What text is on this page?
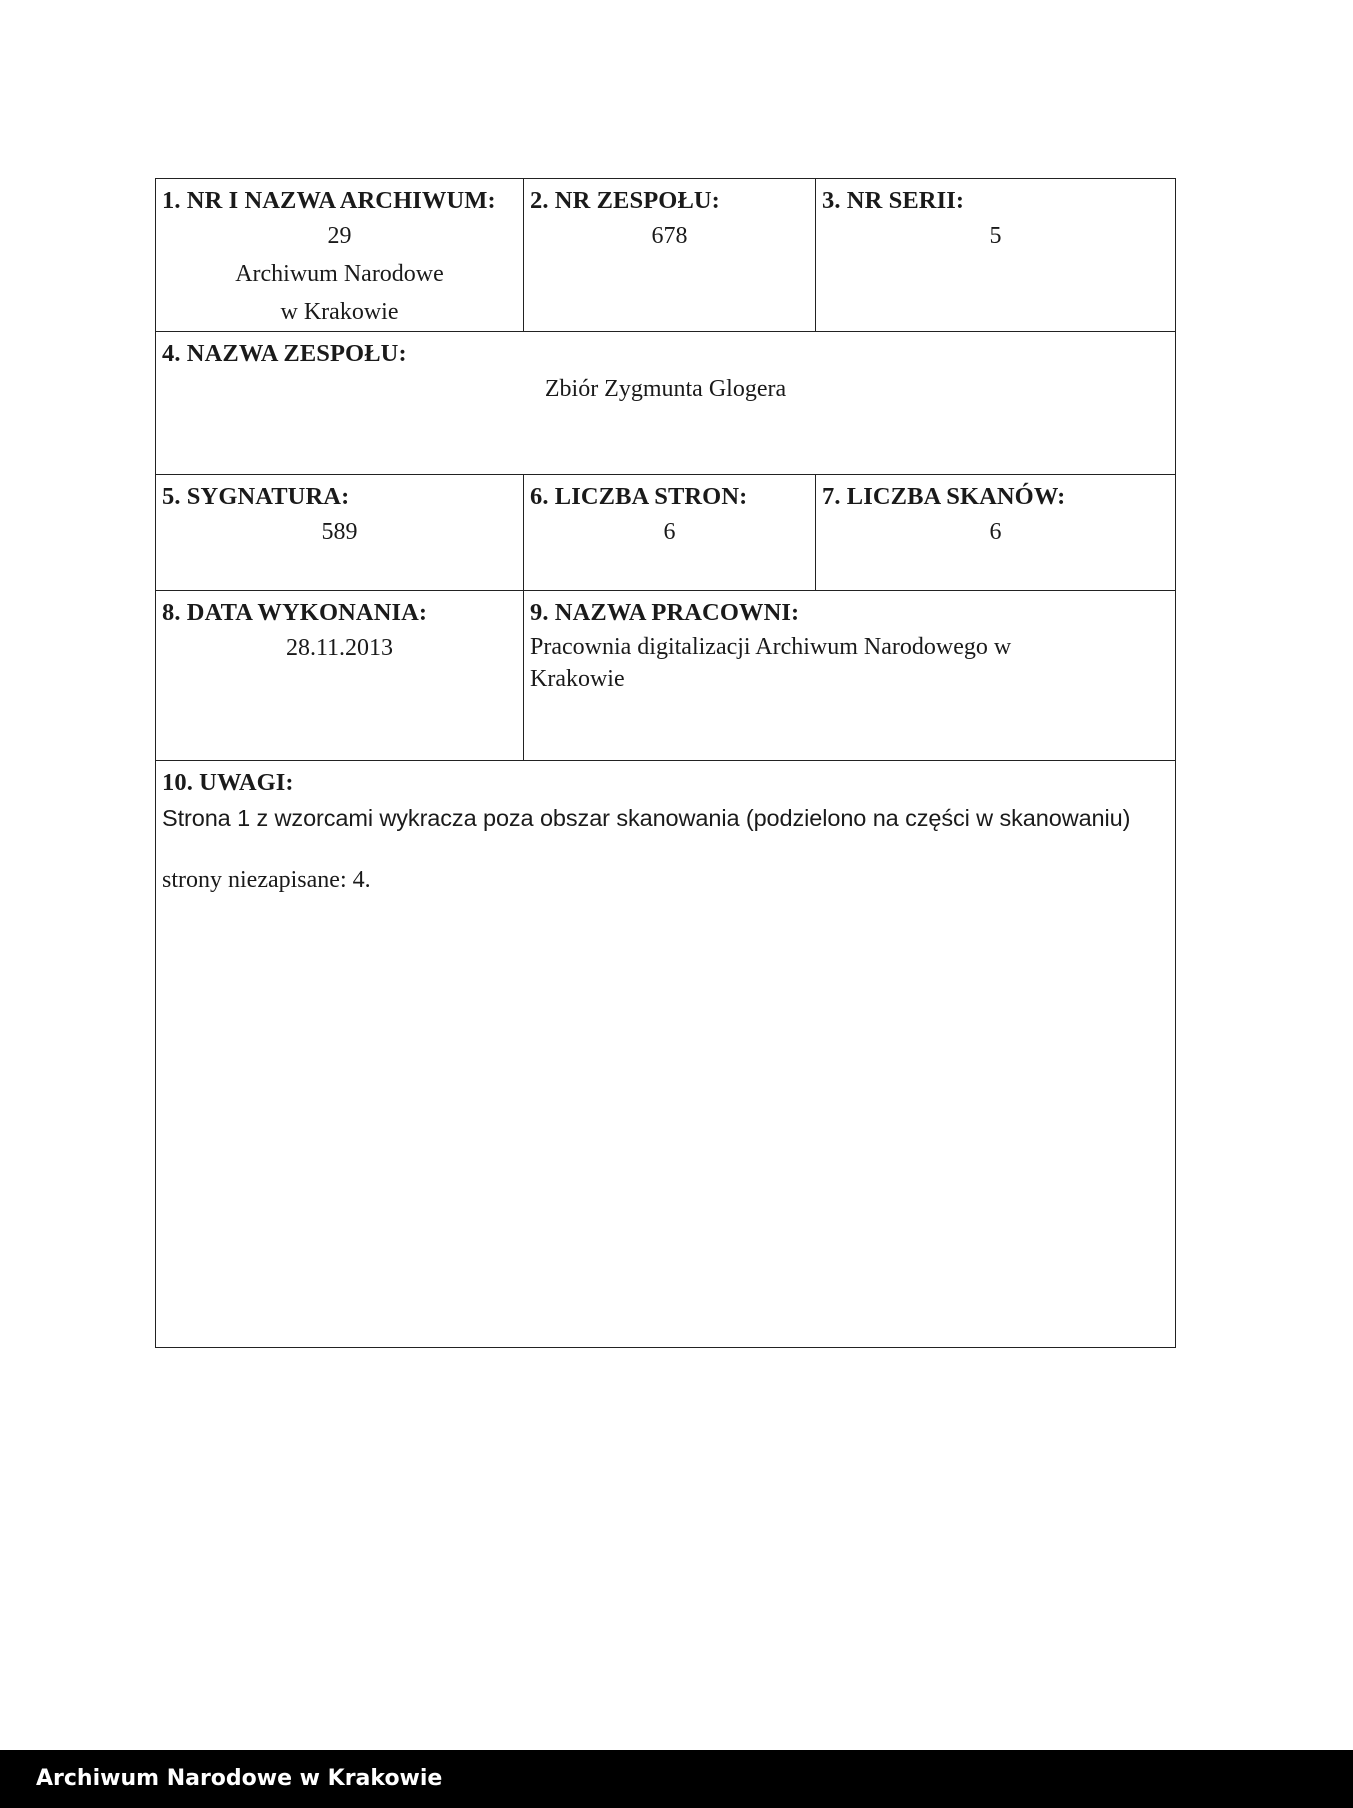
1. NR I NAZWA ARCHIWUM:
29
Archiwum Narodowe
w Krakowie
2. NR ZESPOŁU:
678
3. NR SERII:
5
4. NAZWA ZESPOŁU:
Zbiór Zygmunta Glogera
5. SYGNATURA:
589
6. LICZBA STRON:
6
7. LICZBA SKANÓW:
6
8. DATA WYKONANIA:
28.11.2013
9. NAZWA PRACOWNI:
Pracownia digitalizacji Archiwum Narodowego w Krakowie
10. UWAGI:
Strona 1 z wzorcami wykracza poza obszar skanowania (podzielono na części w skanowaniu)
strony niezapisane: 4.
Archiwum Narodowe w Krakowie
